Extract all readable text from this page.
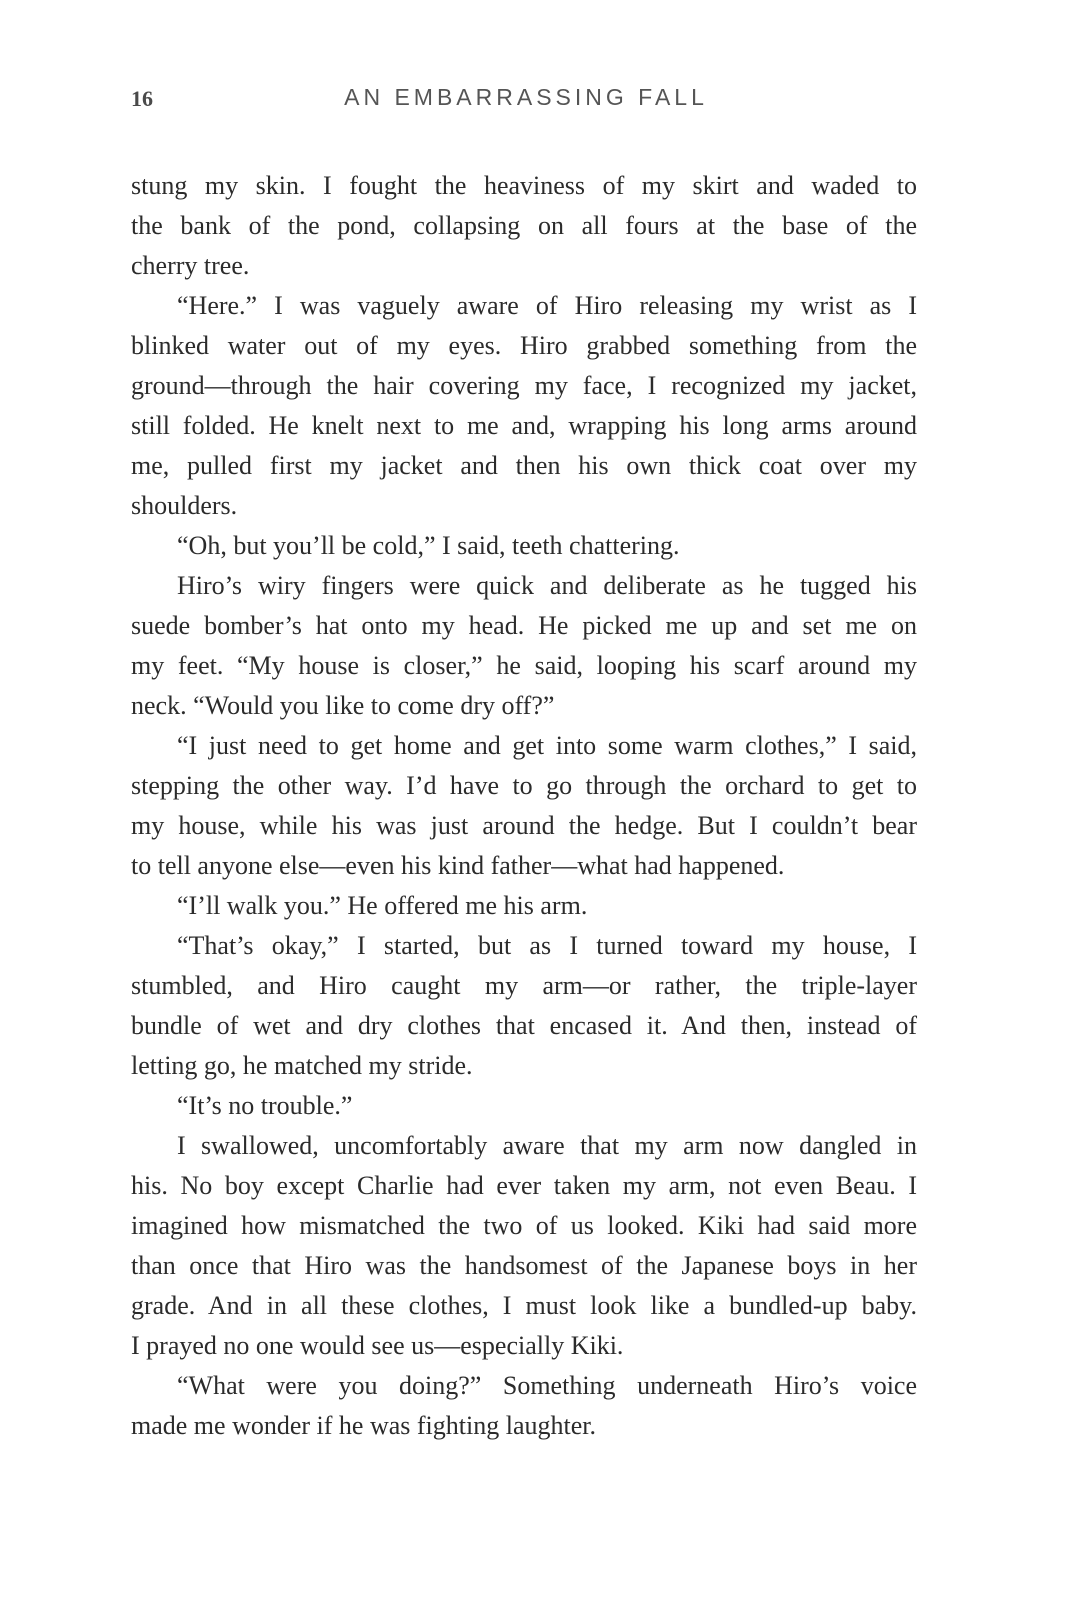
16	AN EMBARRASSING FALL
stung my skin. I fought the heaviness of my skirt and waded to
the bank of the pond, collapsing on all fours at the base of the
cherry tree.
“Here.” I was vaguely aware of Hiro releasing my wrist as I
blinked water out of my eyes. Hiro grabbed something from the
ground—through the hair covering my face, I recognized my jacket,
still folded. He knelt next to me and, wrapping his long arms around
me, pulled first my jacket and then his own thick coat over my
shoulders.
“Oh, but you’ll be cold,” I said, teeth chattering.
Hiro’s wiry fingers were quick and deliberate as he tugged his
suede bomber’s hat onto my head. He picked me up and set me on
my feet. “My house is closer,” he said, looping his scarf around my
neck. “Would you like to come dry off?”
“I just need to get home and get into some warm clothes,” I said,
stepping the other way. I’d have to go through the orchard to get to
my house, while his was just around the hedge. But I couldn’t bear
to tell anyone else—even his kind father—what had happened.
“I’ll walk you.” He offered me his arm.
“That’s okay,” I started, but as I turned toward my house, I
stumbled, and Hiro caught my arm—or rather, the triple-layer
bundle of wet and dry clothes that encased it. And then, instead of
letting go, he matched my stride.
“It’s no trouble.”
I swallowed, uncomfortably aware that my arm now dangled in
his. No boy except Charlie had ever taken my arm, not even Beau. I
imagined how mismatched the two of us looked. Kiki had said more
than once that Hiro was the handsomest of the Japanese boys in her
grade. And in all these clothes, I must look like a bundled-up baby.
I prayed no one would see us—especially Kiki.
“What were you doing?” Something underneath Hiro’s voice
made me wonder if he was fighting laughter.
